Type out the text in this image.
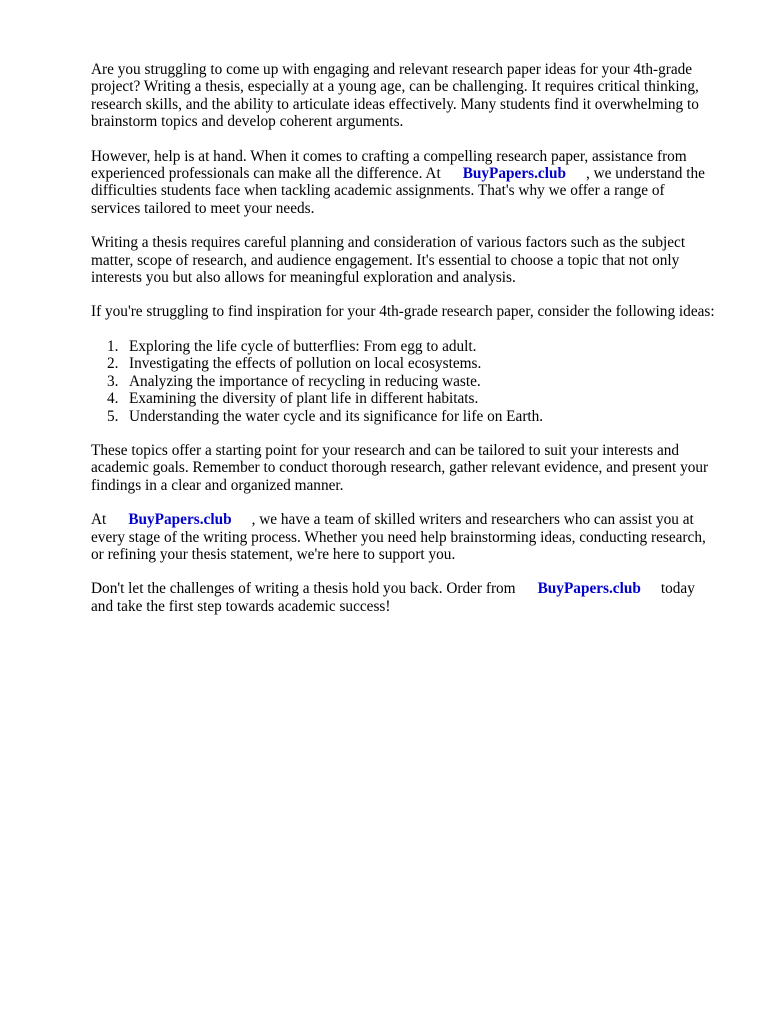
Are you struggling to come up with engaging and relevant research paper ideas for your 4th-grade
project? Writing a thesis, especially at a young age, can be challenging. It requires critical thinking,
research skills, and the ability to articulate ideas effectively. Many students find it overwhelming to
brainstorm topics and develop coherent arguments.

However, help is at hand. When it comes to crafting a compelling research paper, assistance from
experienced professionals can make all the difference. At BuyPapers.club , we understand the
difficulties students face when tackling academic assignments. That's why we offer a range of
services tailored to meet your needs.

Writing a thesis requires careful planning and consideration of various factors such as the subject
matter, scope of research, and audience engagement. It's essential to choose a topic that not only
interests you but also allows for meaningful exploration and analysis.

If you're struggling to find inspiration for your 4th-grade research paper, consider the following ideas:

1. Exploring the life cycle of butterflies: From egg to adult.
2. Investigating the effects of pollution on local ecosystems.
3. Analyzing the importance of recycling in reducing waste.
4. Examining the diversity of plant life in different habitats.
5. Understanding the water cycle and its significance for life on Earth.

These topics offer a starting point for your research and can be tailored to suit your interests and
academic goals. Remember to conduct thorough research, gather relevant evidence, and present your
findings in a clear and organized manner.

At BuyPapers.club , we have a team of skilled writers and researchers who can assist you at
every stage of the writing process. Whether you need help brainstorming ideas, conducting research,
or refining your thesis statement, we're here to support you.

Don't let the challenges of writing a thesis hold you back. Order from BuyPapers.club today
and take the first step towards academic success!
